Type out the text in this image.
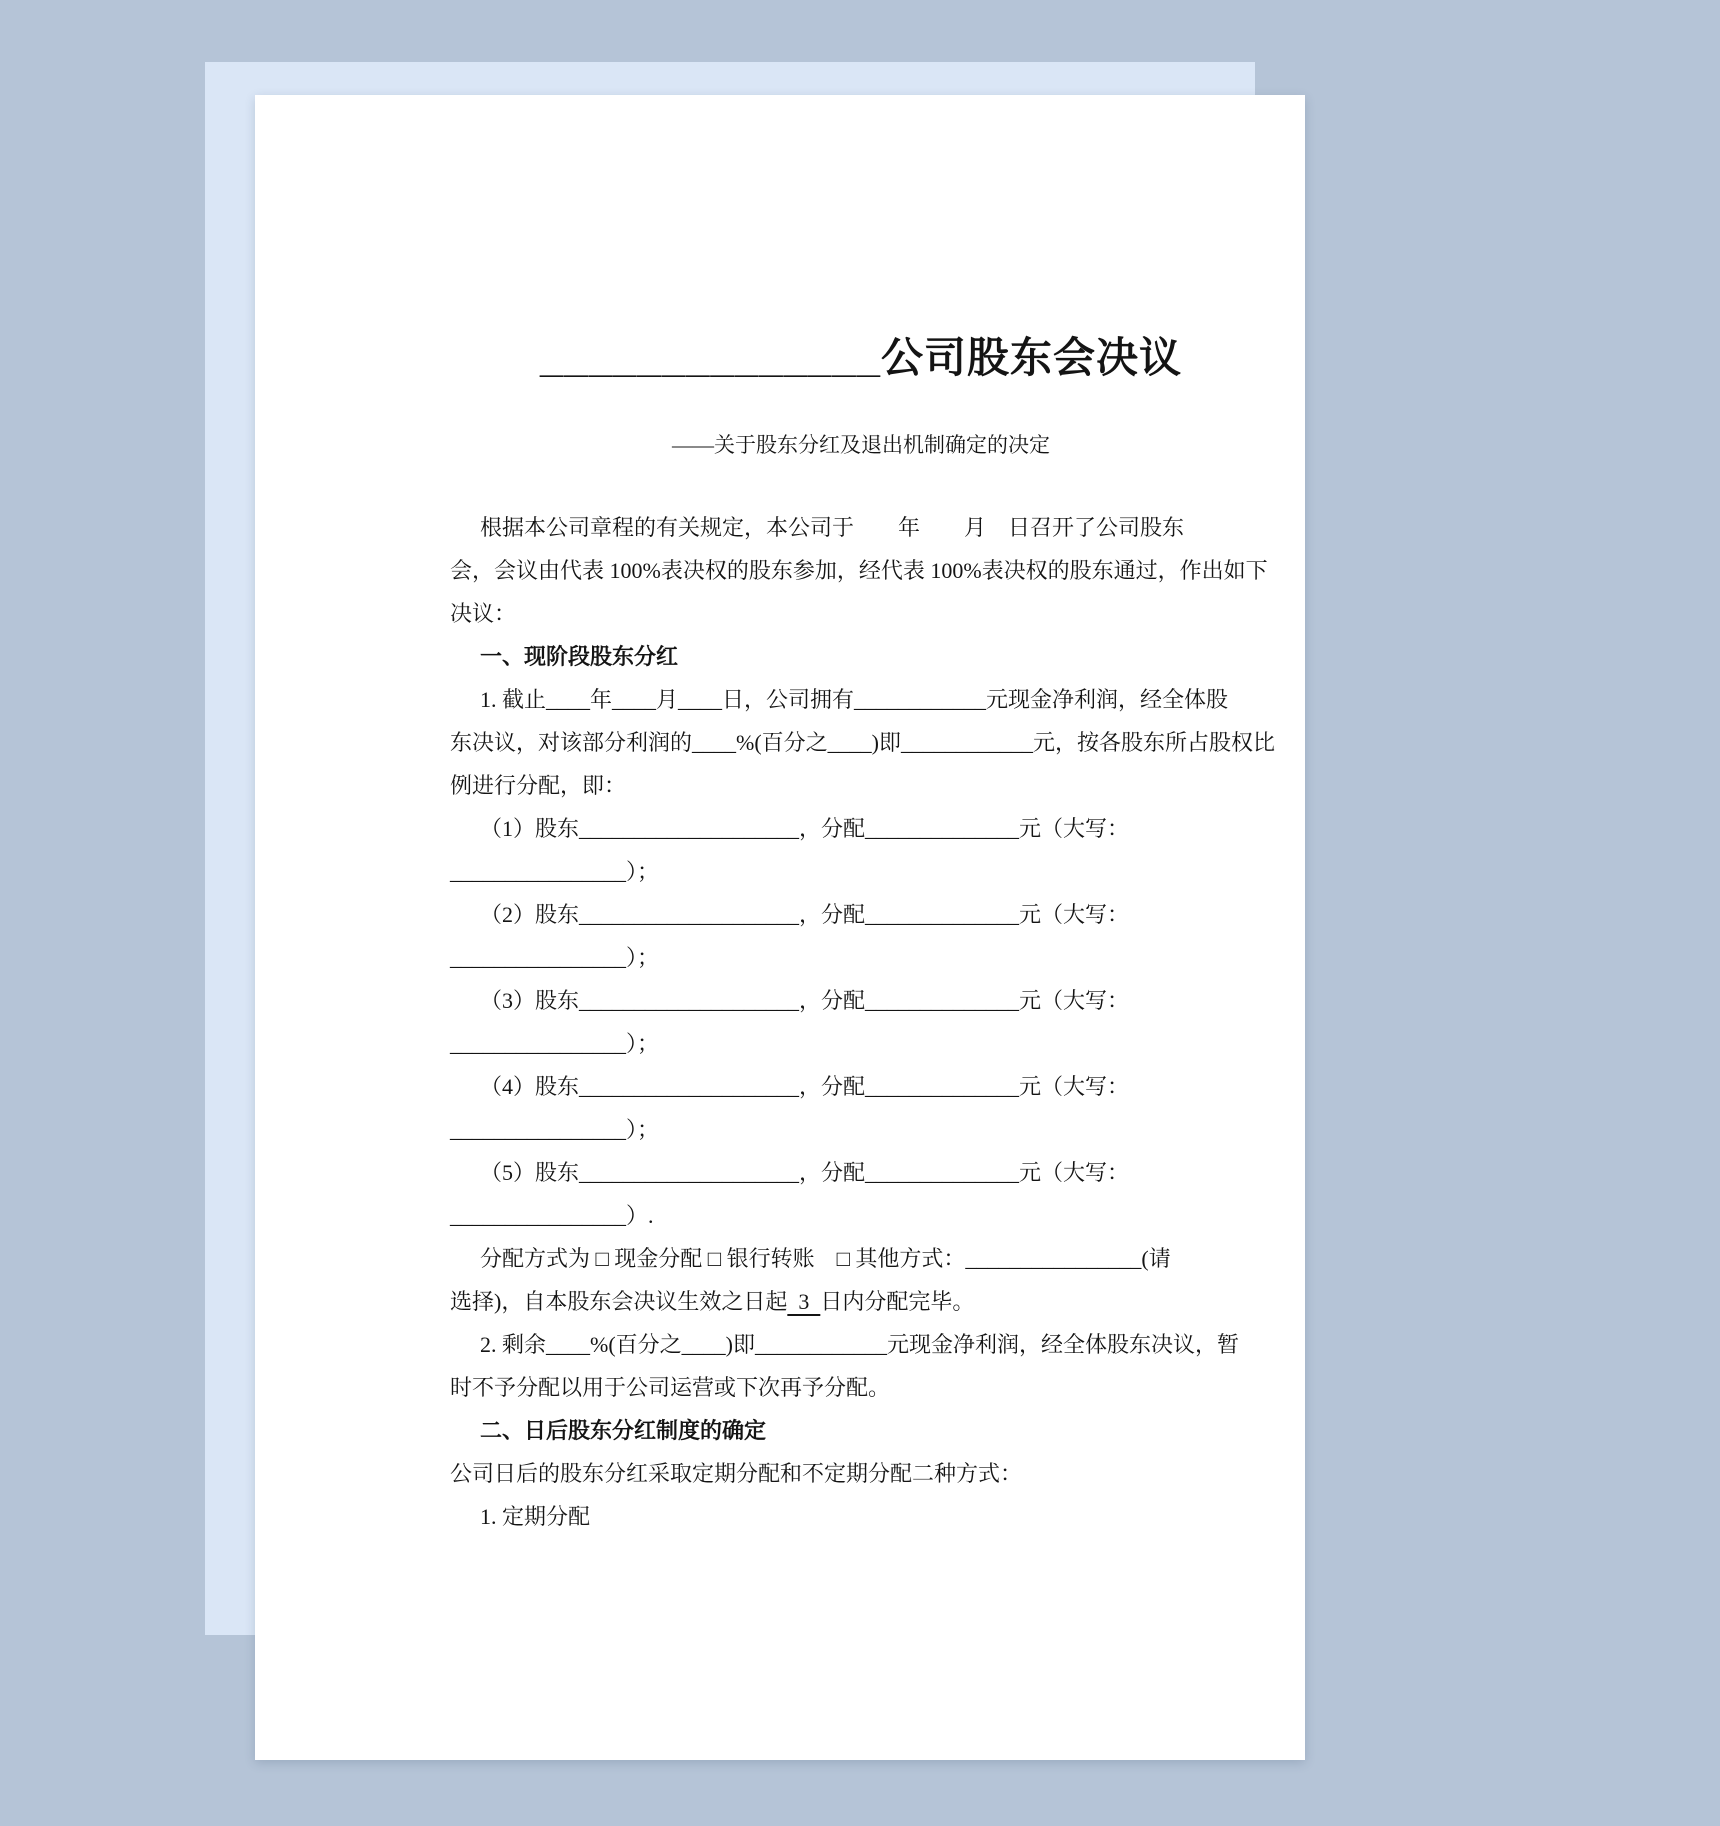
______________公司股东会决议
——关于股东分红及退出机制确定的决定
根据本公司章程的有关规定，本公司于　　年　　月　日召开了公司股东
会，会议由代表 100%表决权的股东参加，经代表 100%表决权的股东通过，作出如下
决议：
一、现阶段股东分红
1. 截止____年____月____日，公司拥有____________元现金净利润，经全体股
东决议，对该部分利润的____%(百分之____)即____________元，按各股东所占股权比
例进行分配，即：
（1）股东____________________，分配______________元（大写：
________________）；
（2）股东____________________，分配______________元（大写：
________________）；
（3）股东____________________，分配______________元（大写：
________________）；
（4）股东____________________，分配______________元（大写：
________________）；
（5）股东____________________，分配______________元（大写：
________________）.
分配方式为 □ 现金分配 □ 银行转账　□ 其他方式：________________(请
选择)，自本股东会决议生效之日起  3  日内分配完毕。
2. 剩余____%(百分之____)即____________元现金净利润，经全体股东决议，暂
时不予分配以用于公司运营或下次再予分配。
二、日后股东分红制度的确定
公司日后的股东分红采取定期分配和不定期分配二种方式：
1. 定期分配
